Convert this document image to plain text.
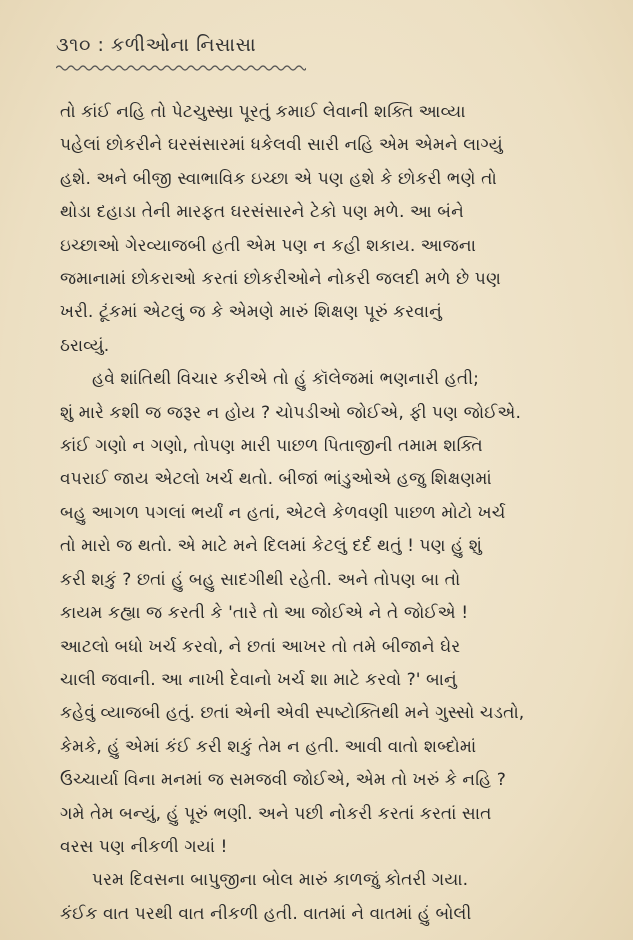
૩૧૦ : કળીઓના નિસાસા
તો કાંઈ નહિ તો પેટચુસ્સ્રા પૂરતું કમાઈ લેવાની શક્તિ આવ્યા
પહેલાં છોકરીને ઘરસંસારમાં ધકેલવી સારી નહિ એમ એમને લાગ્યું
હશે. અને બીજી સ્વાભાવિક ઇચ્છા એ પણ હશે કે છોકરી ભણે તો
થોડા દહાડા તેની મારફત ઘરસંસારને ટેકો પણ મળે. આ બંને
ઇચ્છાઓ ગેરવ્યાજબી હતી એમ પણ ન કહી શકાય. આજના
જમાનામાં છોકરાઓ કરતાં છોકરીઓને નોકરી જલદી મળે છે પણ
ખરી. ટૂંકમાં એટલું જ કે એમણે મારું શિક્ષણ પૂરું કરવાનું
ઠરાવ્યું.
હવે શાંતિથી વિચાર કરીએ તો હું કૉલેજમાં ભણનારી હતી;
શું મારે કશી જ જરૂર ન હોય ? ચોપડીઓ જોઈએ, ફી પણ જોઈએ.
કાંઈ ગણો ન ગણો, તોપણ મારી પાછળ પિતાજીની તમામ શક્તિ
વપરાઈ જાય એટલો ખર્ચ થતો. બીજાં ભાંડુઓએ હજુ શિક્ષણમાં
બહુ આગળ પગલાં ભર્યાં ન હતાં, એટલે કેળવણી પાછળ મોટો ખર્ચ
તો મારો જ થતો. એ માટે મને દિલમાં કેટલું દર્દ થતું ! પણ હું શું
કરી શકું ? છતાં હું બહુ સાદગીથી રહેતી. અને તોપણ બા તો
કાયમ કહ્યા જ કરતી કે 'તારે તો આ જોઈએ ને તે જોઈએ !
આટલો બધો ખર્ચ કરવો, ને છતાં આખર તો તમે બીજાને ઘેર
ચાલી જવાની. આ નાખી દેવાનો ખર્ચ શા માટે કરવો ?' બાનું
કહેવું વ્યાજબી હતું. છતાં એની એવી સ્પષ્ટોક્તિથી મને ગુસ્સો ચડતો,
કેમકે, હું એમાં કંઈ કરી શકું તેમ ન હતી. આવી વાતો શબ્દોમાં
ઉચ્ચાર્યા વિના મનમાં જ સમજવી જોઈએ, એમ તો ખરું કે નહિ ?
ગમે તેમ બન્યું, હું પૂરું ભણી. અને પછી નોકરી કરતાં કરતાં સાત
વરસ પણ નીકળી ગયાં !
પરમ દિવસના બાપુજીના બોલ મારું કાળજું કોતરી ગયા.
કંઈક વાત પરથી વાત નીકળી હતી. વાતમાં ને વાતમાં હું બોલી
